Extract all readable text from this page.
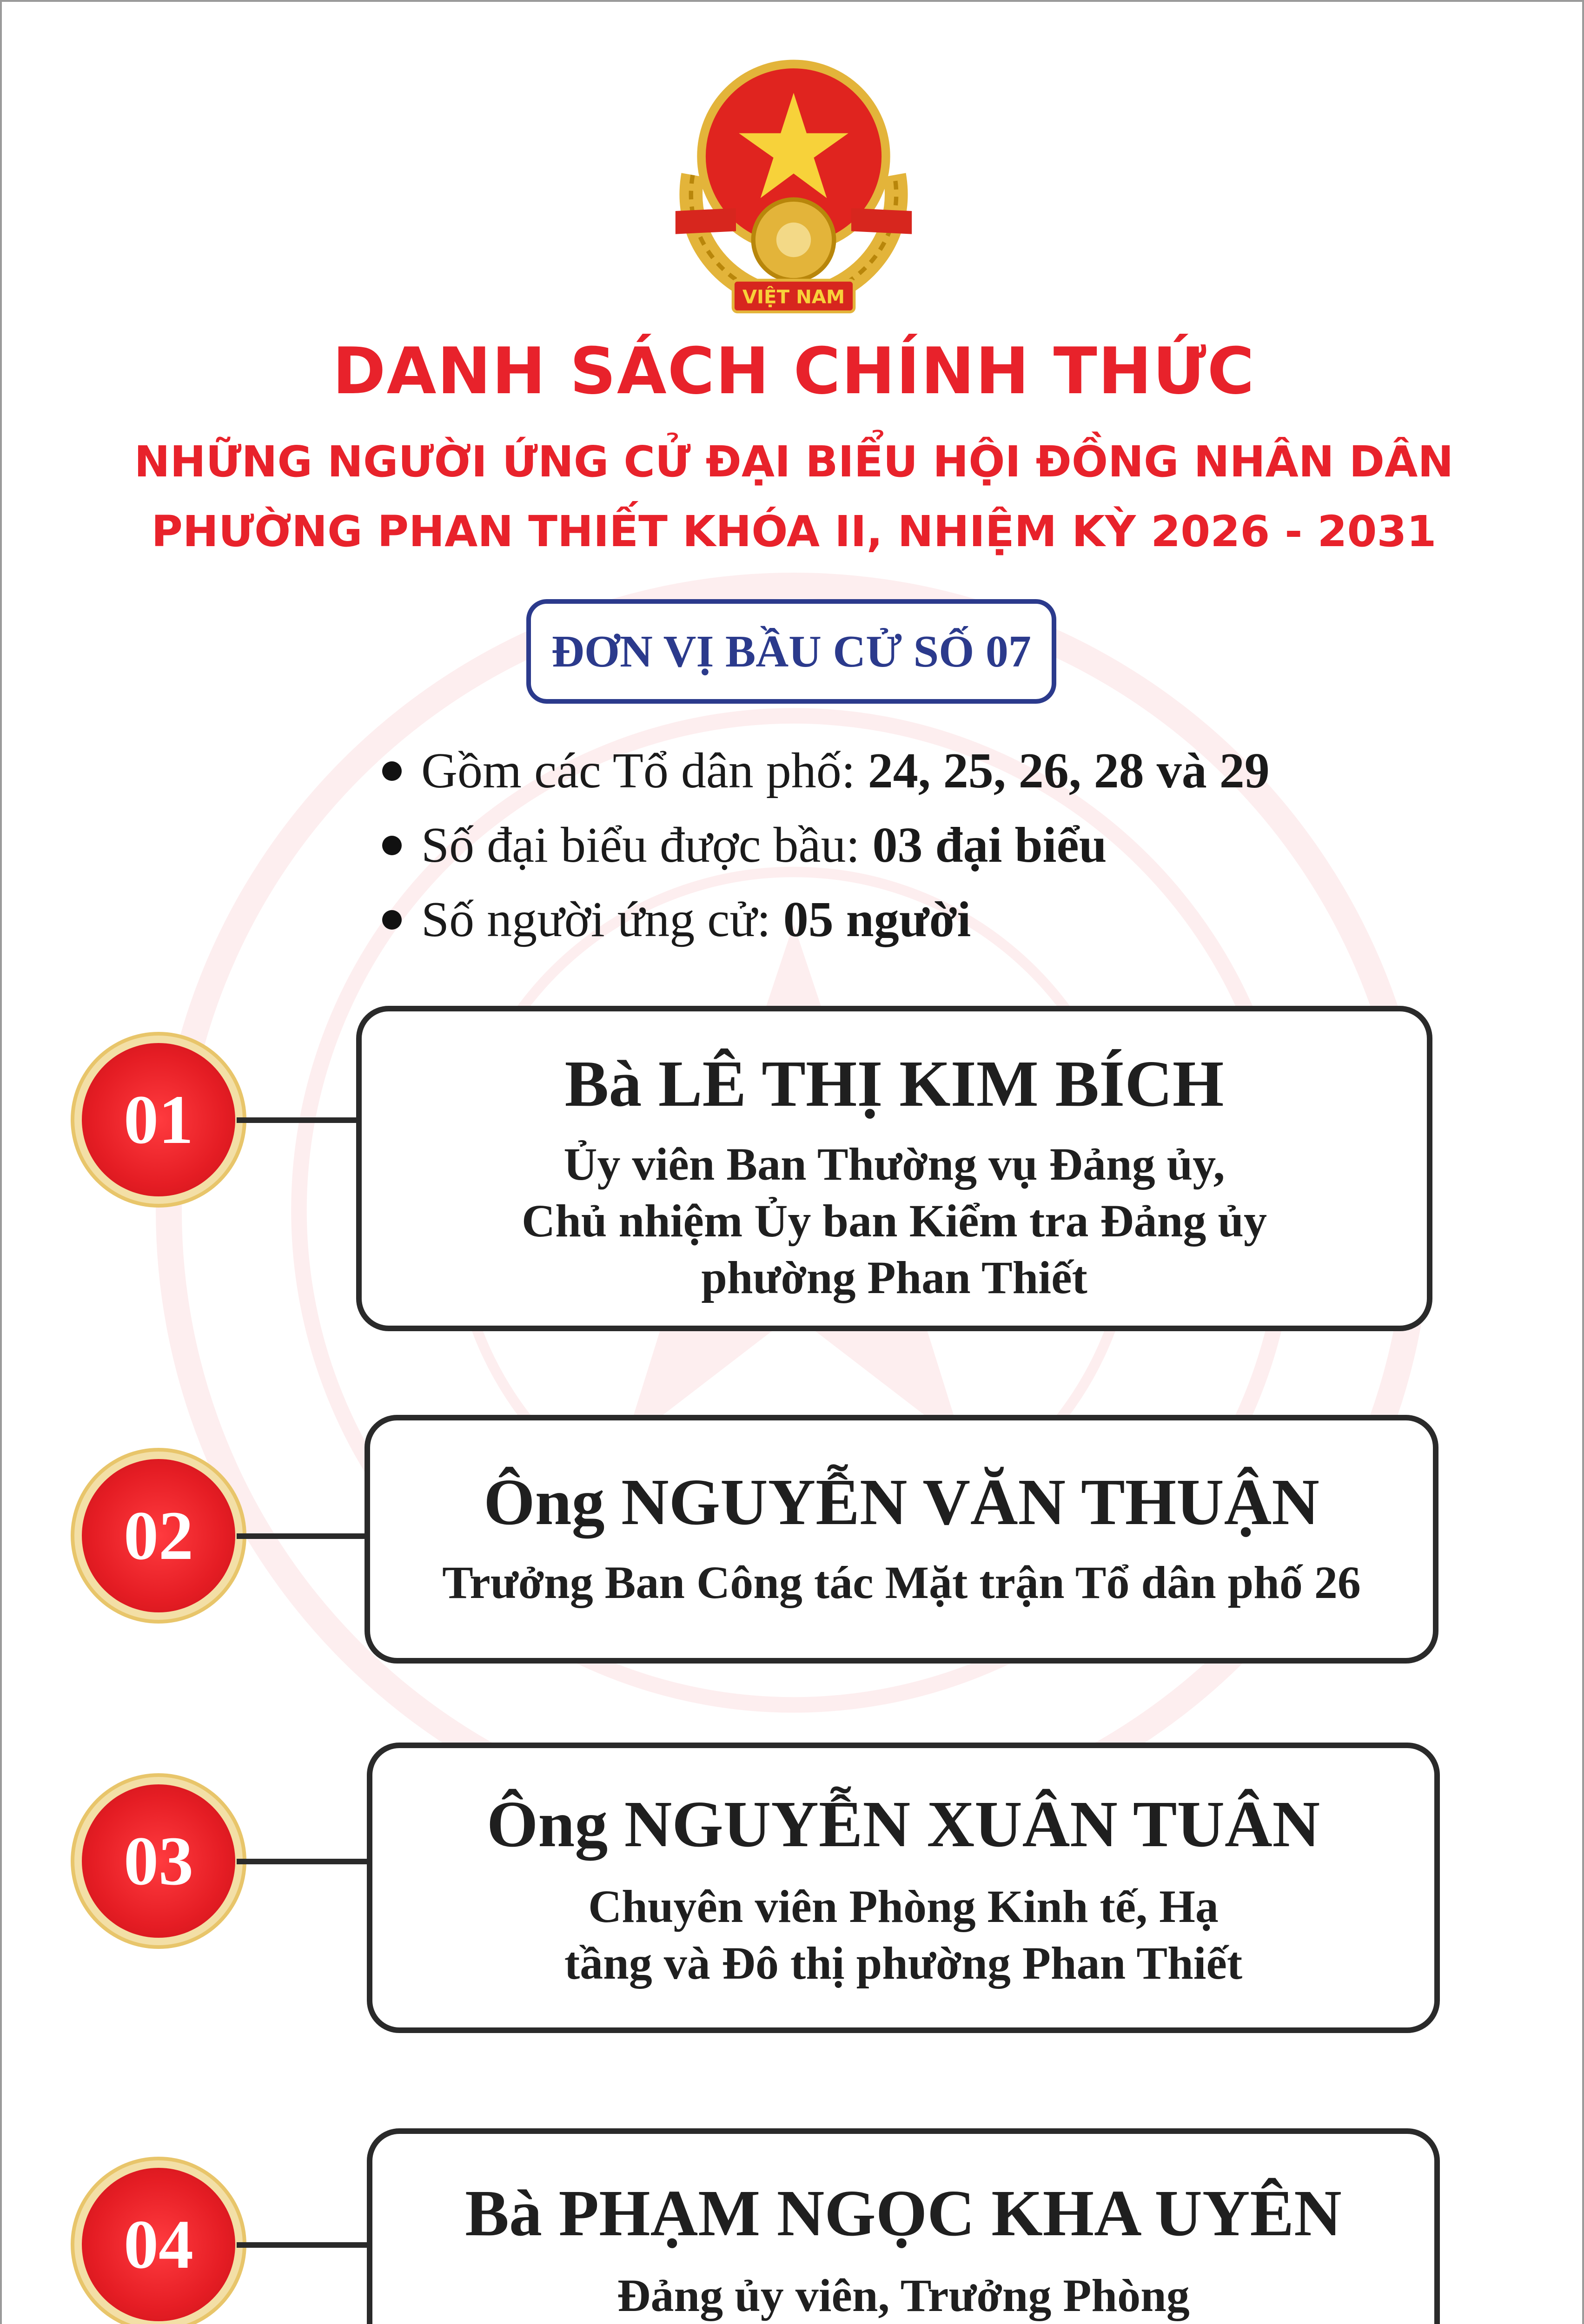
VIỆT NAM
DANH SÁCH CHÍNH THỨC
NHỮNG NGƯỜI ỨNG CỬ ĐẠI BIỂU HỘI ĐỒNG NHÂN DÂN
PHƯỜNG PHAN THIẾT KHÓA II, NHIỆM KỲ 2026 - 2031
ĐƠN VỊ BẦU CỬ SỐ 07
Gồm các Tổ dân phố: 24, 25, 26, 28 và 29
Số đại biểu được bầu: 03 đại biểu
Số người ứng cử: 05 người
01	Bà LÊ THỊ KIM BÍCH
Ủy viên Ban Thường vụ Đảng ủy,
Chủ nhiệm Ủy ban Kiểm tra Đảng ủy
phường Phan Thiết
02	Ông NGUYỄN VĂN THUẬN
Trưởng Ban Công tác Mặt trận Tổ dân phố 26
03	Ông NGUYỄN XUÂN TUÂN
Chuyên viên Phòng Kinh tế, Hạ
tầng và Đô thị phường Phan Thiết
04	Bà PHẠM NGỌC KHA UYÊN
Đảng ủy viên, Trưởng Phòng
